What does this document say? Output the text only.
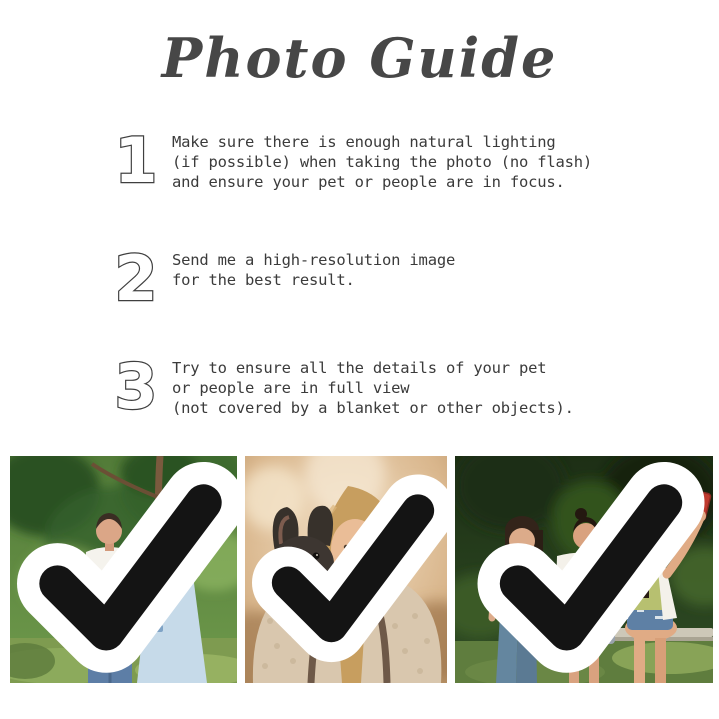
Photo Guide
1 Make sure there is enough natural lighting
(if possible) when taking the photo (no flash)
and ensure your pet or people are in focus.
2 Send me a high-resolution image
for the best result.
3 Try to ensure all the details of your pet
or people are in full view
(not covered by a blanket or other objects).
